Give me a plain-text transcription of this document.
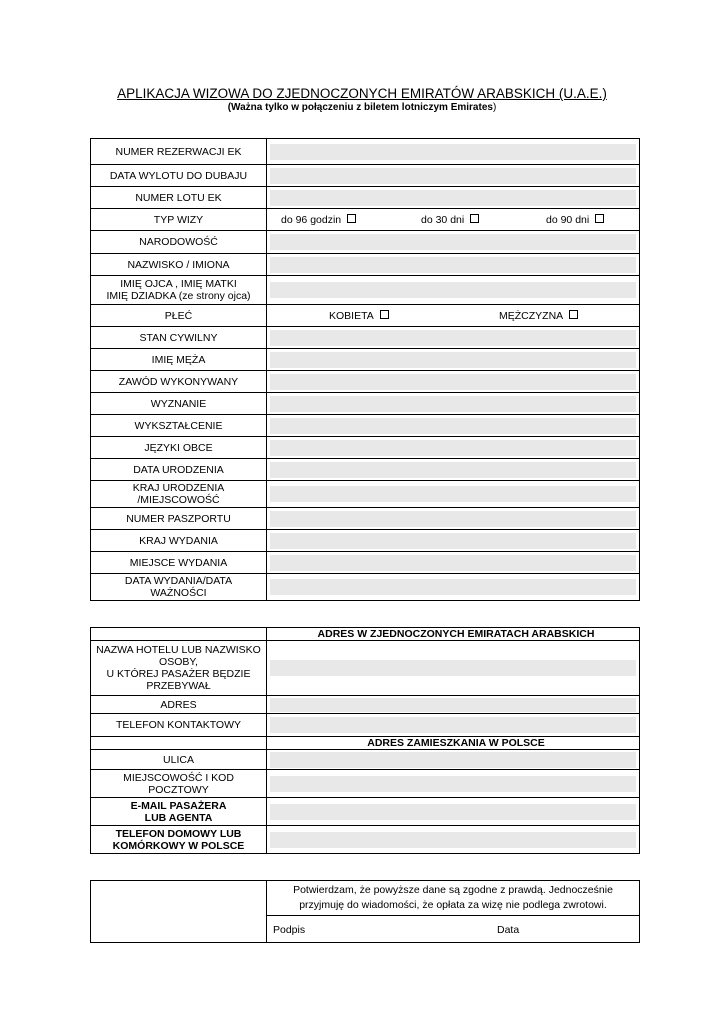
APLIKACJA WIZOWA DO ZJEDNOCZONYCH EMIRATÓW ARABSKICH (U.A.E.)
(Ważna tylko w połączeniu z biletem lotniczym Emirates)
NUMER REZERWACJI EK	

DATA WYLOTU DO DUBAJU	

NUMER LOTU EK	

TYP WIZY	do 96 godzin do 30 dni do 90 dni

NARODOWOŚĆ	

NAZWISKO / IMIONA	

IMIĘ OJCA , IMIĘ MATKI
IMIĘ DZIADKA (ze strony ojca)	

PŁEĆ	KOBIETA MĘŻCZYZNA

STAN CYWILNY	

IMIĘ MĘŻA	

ZAWÓD WYKONYWANY	

WYZNANIE	

WYKSZTAŁCENIE	

JĘZYKI OBCE	

DATA URODZENIA	

KRAJ URODZENIA
/MIEJSCOWOŚĆ	

NUMER PASZPORTU	

KRAJ WYDANIA	

MIEJSCE WYDANIA	

DATA WYDANIA/DATA
WAŻNOŚCI	
	ADRES W ZJEDNOCZONYCH EMIRATACH ARABSKICH
NAZWA HOTELU LUB NAZWISKO
OSOBY,
U KTÓREJ PASAŻER BĘDZIE
PRZEBYWAŁ	

ADRES	

TELEFON KONTAKTOWY	

	ADRES ZAMIESZKANIA W POLSCE
ULICA	

MIEJSCOWOŚĆ I KOD
POCZTOWY	

E-MAIL PASAŻERA
LUB AGENTA	

TELEFON DOMOWY LUB
KOMÓRKOWY W POLSCE	
	Potwierdzam, że powyższe dane są zgodne z prawdą. Jednocześnie
przyjmuję do wiadomości, że opłata za wizę nie podlega zwrotowi.

Podpis	Data
